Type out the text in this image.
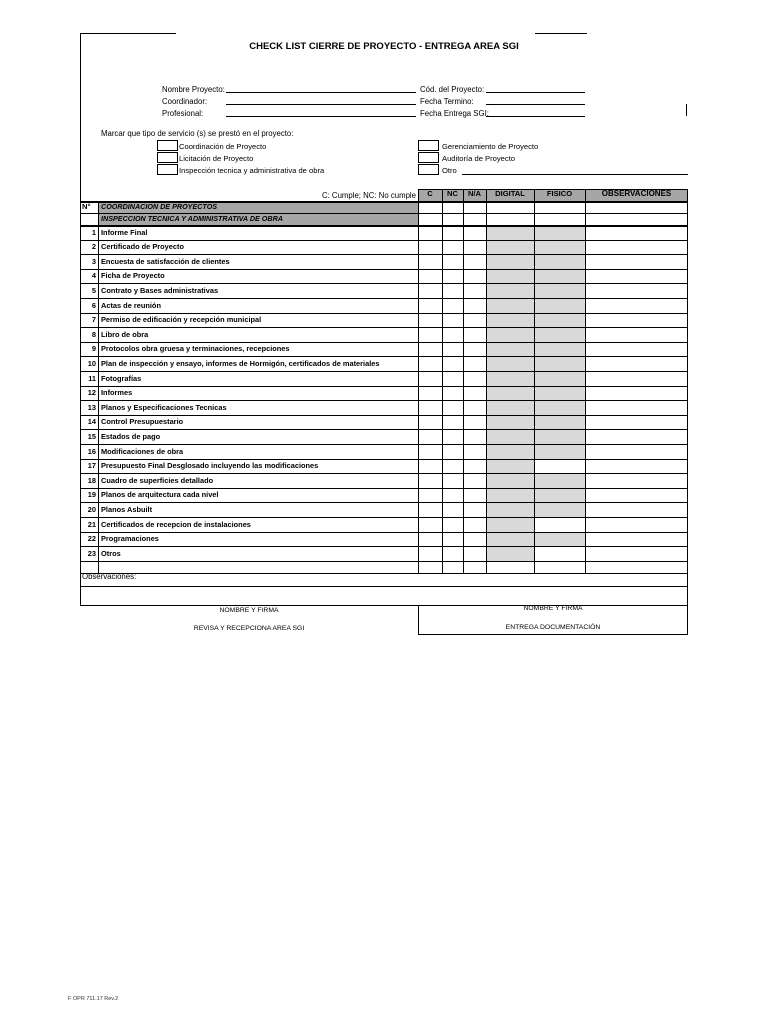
CHECK LIST CIERRE DE PROYECTO - ENTREGA AREA SGI
Nombre Proyecto:
Coordinador:
Profesional:
Cód. del Proyecto:
Fecha Termino:
Fecha Entrega SGI:
Marcar que tipo de servicio (s) se prestó en el proyecto:
Coordinación de Proyecto
Licitación de Proyecto
Inspección tecnica y administrativa de obra
Gerenciamiento de Proyecto
Auditoría de Proyecto
Otro
C: Cumple; NC: No cumple	C	NC	N/A	DIGITAL	FISICO	OBSERVACIONES
N° COORDINACION DE PROYECTOS
INSPECCION TECNICA Y ADMINISTRATIVA DE OBRA
1 Informe Final
2 Certificado de Proyecto
3 Encuesta de satisfacción de clientes
4 Ficha de Proyecto
5 Contrato y Bases administrativas
6 Actas de reunión
7 Permiso de edificación y recepción municipal
8 Libro de obra
9 Protocolos obra gruesa y terminaciones, recepciones
10 Plan de inspección y ensayo, informes de Hormigón, certificados de materiales
11 Fotografías
12 Informes
13 Planos y Especificaciones Tecnicas
14 Control Presupuestario
15 Estados de pago
16 Modificaciones de obra
17 Presupuesto Final Desglosado incluyendo las modificaciones
18 Cuadro de superficies detallado
19 Planos de arquitectura cada nivel
20 Planos Asbuilt
21 Certificados de recepcion de instalaciones
22 Programaciones
23 Otros
Observaciones:
NOMBRE Y FIRMA
REVISA Y RECEPCIONA AREA SGI
NOMBRE Y FIRMA
ENTREGA DOCUMENTACIÓN
F OPR 711.17 Rev.2
